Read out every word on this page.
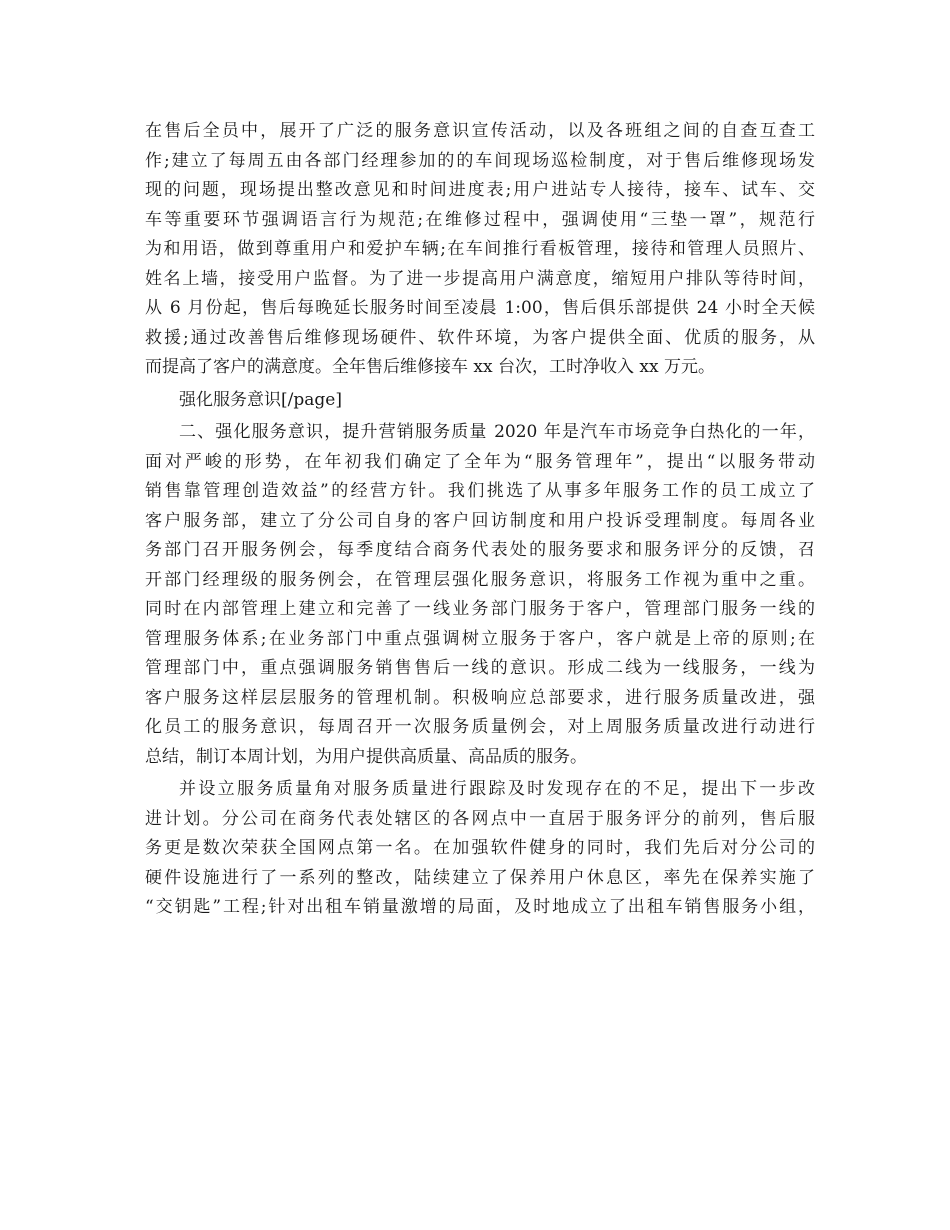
在售后全员中，展开了广泛的服务意识宣传活动，以及各班组之间的自查互查工
作;建立了每周五由各部门经理参加的的车间现场巡检制度，对于售后维修现场发
现的问题，现场提出整改意见和时间进度表;用户进站专人接待，接车、试车、交
车等重要环节强调语言行为规范;在维修过程中，强调使用“三垫一罩”，规范行
为和用语，做到尊重用户和爱护车辆;在车间推行看板管理，接待和管理人员照片、
姓名上墙，接受用户监督。为了进一步提高用户满意度，缩短用户排队等待时间，
从 6 月份起，售后每晚延长服务时间至凌晨 1:00，售后俱乐部提供 24 小时全天候
救援;通过改善售后维修现场硬件、软件环境，为客户提供全面、优质的服务，从
而提高了客户的满意度。全年售后维修接车 xx 台次，工时净收入 xx 万元。
强化服务意识[/page]
二、强化服务意识，提升营销服务质量 2020 年是汽车市场竞争白热化的一年，
面对严峻的形势，在年初我们确定了全年为“服务管理年”，提出“以服务带动
销售靠管理创造效益”的经营方针。我们挑选了从事多年服务工作的员工成立了
客户服务部，建立了分公司自身的客户回访制度和用户投诉受理制度。每周各业
务部门召开服务例会，每季度结合商务代表处的服务要求和服务评分的反馈，召
开部门经理级的服务例会，在管理层强化服务意识，将服务工作视为重中之重。
同时在内部管理上建立和完善了一线业务部门服务于客户，管理部门服务一线的
管理服务体系;在业务部门中重点强调树立服务于客户，客户就是上帝的原则;在
管理部门中，重点强调服务销售售后一线的意识。形成二线为一线服务，一线为
客户服务这样层层服务的管理机制。积极响应总部要求，进行服务质量改进，强
化员工的服务意识，每周召开一次服务质量例会，对上周服务质量改进行动进行
总结，制订本周计划，为用户提供高质量、高品质的服务。
并设立服务质量角对服务质量进行跟踪及时发现存在的不足，提出下一步改
进计划。分公司在商务代表处辖区的各网点中一直居于服务评分的前列，售后服
务更是数次荣获全国网点第一名。在加强软件健身的同时，我们先后对分公司的
硬件设施进行了一系列的整改，陆续建立了保养用户休息区，率先在保养实施了
“交钥匙”工程;针对出租车销量激增的局面，及时地成立了出租车销售服务小组，
